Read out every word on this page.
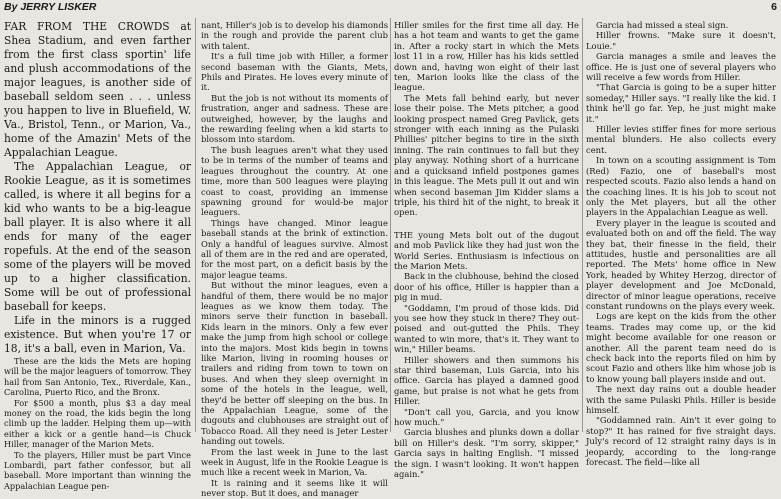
By JERRY LISKER	6

FAR FROM THE CROWDS at Shea Stadium, and even farther from the first class sportin' life and plush accommodations of the major leagues, is another side of baseball seldom seen . . . unless you happen to live in Bluefield, W. Va., Bristol, Tenn., or Marion, Va., home of the Amazin' Mets of the Appalachian League.

The Appalachian League, or Rookie League, as it is sometimes called, is where it all begins for a kid who wants to be a big-league ball player. It is also where it all ends for many of the eager ropefuls. At the end of the season some of the players will be moved up to a higher classification. Some will be out of professional baseball for keeps.

Life in the minors is a rugged existence. But when you're 17 or 18, it's a ball, even in Marion, Va.

These are the kids the Mets are hoping will be the major leaguers of tomorrow. They hail from San Antonio, Tex., Riverdale, Kan., Carolina, Puerto Rico, and the Bronx.

For $500 a month, plus $3 a day meal money on the road, the kids begin the long climb up the ladder. Helping them up—with either a kick or a gentle hand—is Chuck Hiller, manager of the Marion Mets.

To the players, Hiller must be part Vince Lombardi, part father confessor, but all baseball. More important than winning the Appalachian League pen-

nant, Hiller's job is to develop his diamonds in the rough and provide the parent club with talent.

It's a full time job with Hiller, a former second baseman with the Giants, Mets, Phils and Pirates. He loves every minute of it.

But the job is not without its moments of frustration, anger and sadness. These are outweighed, however, by the laughs and the rewarding feeling when a kid starts to blossom into stardom.

The bush leagues aren't what they used to be in terms of the number of teams and leagues throughout the country. At one time, more than 500 leagues were playing coast to coast, providing an immense spawning ground for would-be major leaguers.

Things have changed. Minor league baseball stands at the brink of extinction. Only a handful of leagues survive. Almost all of them are in the red and are operated, for the most part, on a deficit basis by the major league teams.

But without the minor leagues, even a handful of them, there would be no major leagues as we know them today. The minors serve their function in baseball. Kids learn in the minors. Only a few ever make the jump from high school or college into the majors. Most kids begin in towns like Marion, living in rooming houses or trailers and riding from town to town on buses. And when they sleep overnight in some of the hotels in the league, well, they'd be better off sleeping on the bus. In the Appalachian League, some of the dugouts and clubhouses are straight out of Tobacco Road. All they need is Jeter Lester handing out towels.

From the last week in June to the last week in August, life in the Rookie League is much like a recent week in Marion, Va.

It is raining and it seems like it will never stop. But it does, and manager

Hiller smiles for the first time all day. He has a hot team and wants to get the game in. After a rocky start in which the Mets lost 11 in a row, Hiller has his kids settled down and, having won eight of their last ten, Marion looks like the class of the league.

The Mets fall behind early, but never lose their poise. The Mets pitcher, a good looking prospect named Greg Pavlick, gets stronger with each inning as the Pulaski Phillies' pitcher begins to tire in the sixth inning. The rain continues to fall but they play anyway. Nothing short of a hurricane and a quicksand infield postpones games in this league. The Mets pull it out and win when second baseman Jim Kidder slams a triple, his third hit of the night, to break it open.

THE young Mets bolt out of the dugout and mob Pavlick like they had just won the World Series. Enthusiasm is infectious on the Marion Mets.

Back in the clubhouse, behind the closed door of his office, Hiller is happier than a pig in mud.

"Goddamn, I'm proud of those kids. Did you see how they stuck in there? They out-poised and out-gutted the Phils. They wanted to win more, that's it. They want to win," Hiller beams.

Hiller showers and then summons his star third baseman, Luis Garcia, into his office. Garcia has played a damned good game, but praise is not what he gets from Hiller.

"Don't call you, Garcia, and you know how much."

Garcia blushes and plunks down a dollar bill on Hiller's desk. "I'm sorry, skipper," Garcia says in halting English. "I missed the sign. I wasn't looking. It won't happen again."

Garcia had missed a steal sign.

Hiller frowns. "Make sure it doesn't, Louie."

Garcia manages a smile and leaves the office. He is just one of several players who will receive a few words from Hiller.

"That Garcia is going to be a super hitter someday," Hiller says. "I really like the kid. I think he'll go far. Yep, he just might make it."

Hiller levies stiffer fines for more serious mental blunders. He also collects every cent.

In town on a scouting assignment is Tom (Red) Fazio, one of baseball's most respected scouts. Fazio also lends a hand on the coaching lines. It is his job to scout not only the Met players, but all the other players in the Appalachian League as well.

Every player in the league is scouted and evaluated both on and off the field. The way they bat, their finesse in the field, their attitudes, hustle and personalities are all reported. The Mets' home office in New York, headed by Whitey Herzog, director of player development and Joe McDonald, director of minor league operations, receive constant rundowns on the plays every week.

Logs are kept on the kids from the other teams. Trades may come up, or the kid might become available for one reason or another. All the parent team need do is check back into the reports filed on him by scout Fazio and others like him whose job is to know young ball players inside and out.

The next day rains out a double header with the same Pulaski Phils. Hiller is beside himself.

"Goddamned rain. Ain't it ever going to stop?" It has rained for five straight days. July's record of 12 straight rainy days is in jeopardy, according to the long-range forecast. The field—like all
